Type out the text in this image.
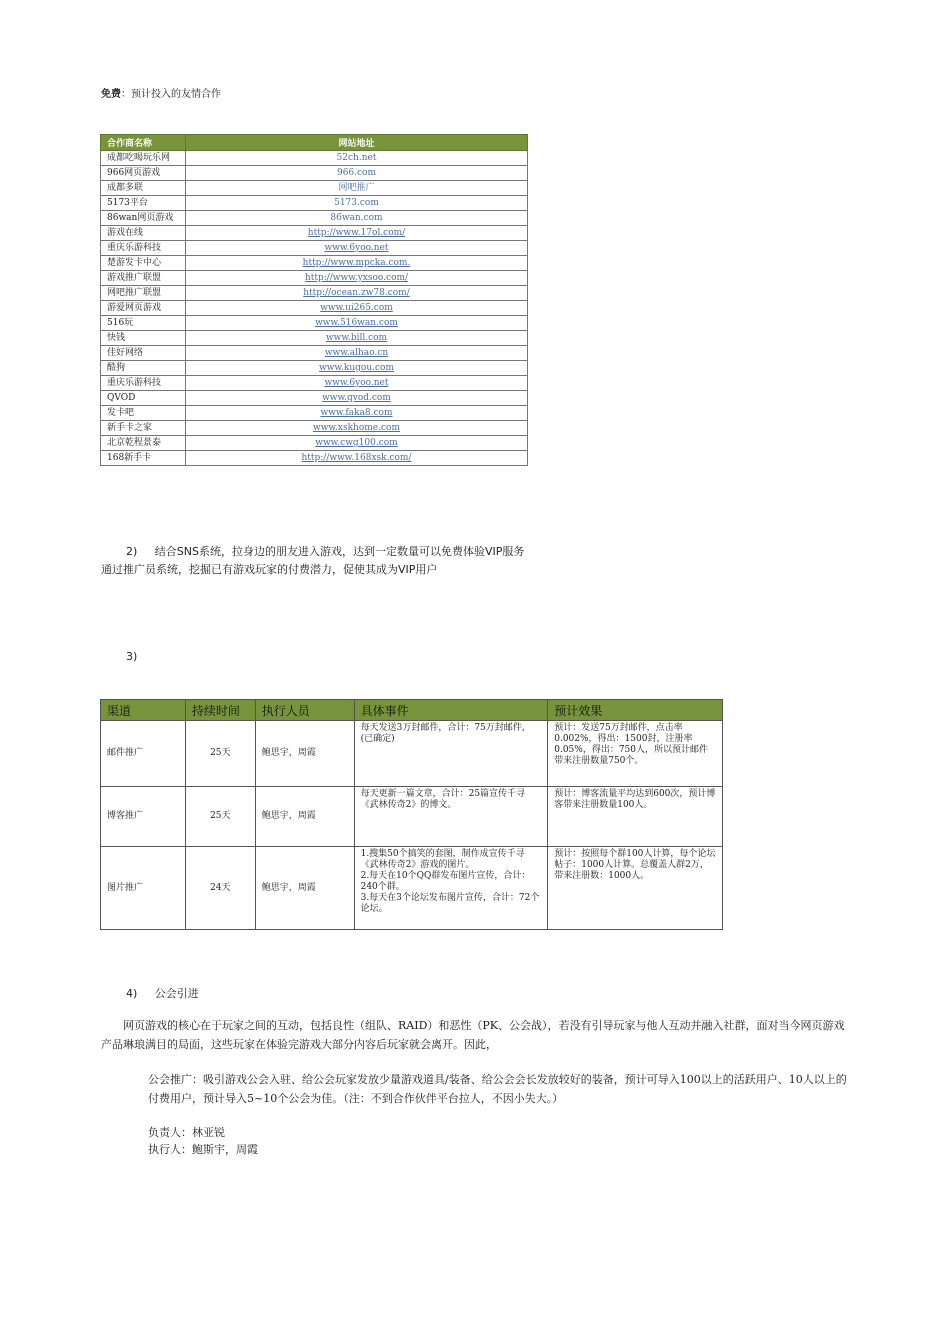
免费：预计投入的友情合作
合作商名称	网站地址
成都吃喝玩乐网	52ch.net
966网页游戏	966.com
成都多联	网吧推广
5173平台	5173.com
86wan网页游戏	86wan.com
游戏在线	http://www.17ol.com/
重庆乐游科技	www.6yoo.net
楚游发卡中心	http://www.mpcka.com.
游戏推广联盟	http://www.yxsoo.com/
网吧推广联盟	http://ocean.zw78.com/
游爱网页游戏	www.ui265.com
516玩	www.516wan.com
快钱	www.bill.com
佳好网络	www.alhao.cn
酷狗	www.kugou.com
重庆乐游科技	www.6yoo.net
QVOD	www.qvod.com
发卡吧	www.faka8.com
新手卡之家	www.xskhome.com
北京乾程景泰	www.cwg100.com
168新手卡	http://www.168xsk.com/
2) 结合SNS系统，拉身边的朋友进入游戏，达到一定数量可以免费体验VIP服务
通过推广员系统，挖掘已有游戏玩家的付费潜力，促使其成为VIP用户
3)
渠道	持续时间	执行人员	具体事件	预计效果
邮件推广	25天	鲍思宇，周霞	每天发送3万封邮件，合计：75万封邮件，(已确定)	预计：发送75万封邮件，点击率0.002%，得出：1500封，注册率0.05%，得出：750人，所以预计邮件带来注册数量750个。
博客推广	25天	鲍思宇，周霞	每天更新一篇文章，合计：25篇宣传千寻《武林传奇2》的博文。	预计：博客流量平均达到600次，预计博客带来注册数量100人。
图片推广	24天	鲍思宇，周霞	1.搜集50个搞笑的套图，制作成宣传千寻《武林传奇2》游戏的图片。
2.每天在10个QQ群发布图片宣传，合计：240个群。
3.每天在3个论坛发布图片宣传，合计：72个论坛。	预计：按照每个群100人计算，每个论坛帖子：1000人计算。总覆盖人群2万，带来注册数：1000人。
4) 公会引进
网页游戏的核心在于玩家之间的互动，包括良性（组队、RAID）和恶性（PK、公会战），若没有引导玩家与他人互动并融入社群，面对当今网页游戏产品琳琅满目的局面，这些玩家在体验完游戏大部分内容后玩家就会离开。因此，
公会推广：吸引游戏公会入驻、给公会玩家发放少量游戏道具/装备、给公会会长发放较好的装备，预计可导入100以上的活跃用户、10人以上的付费用户，预计导入5~10个公会为佳。（注：不到合作伙伴平台拉人，不因小失大。）
负责人：林亚锐
执行人：鲍斯宇，周霞
